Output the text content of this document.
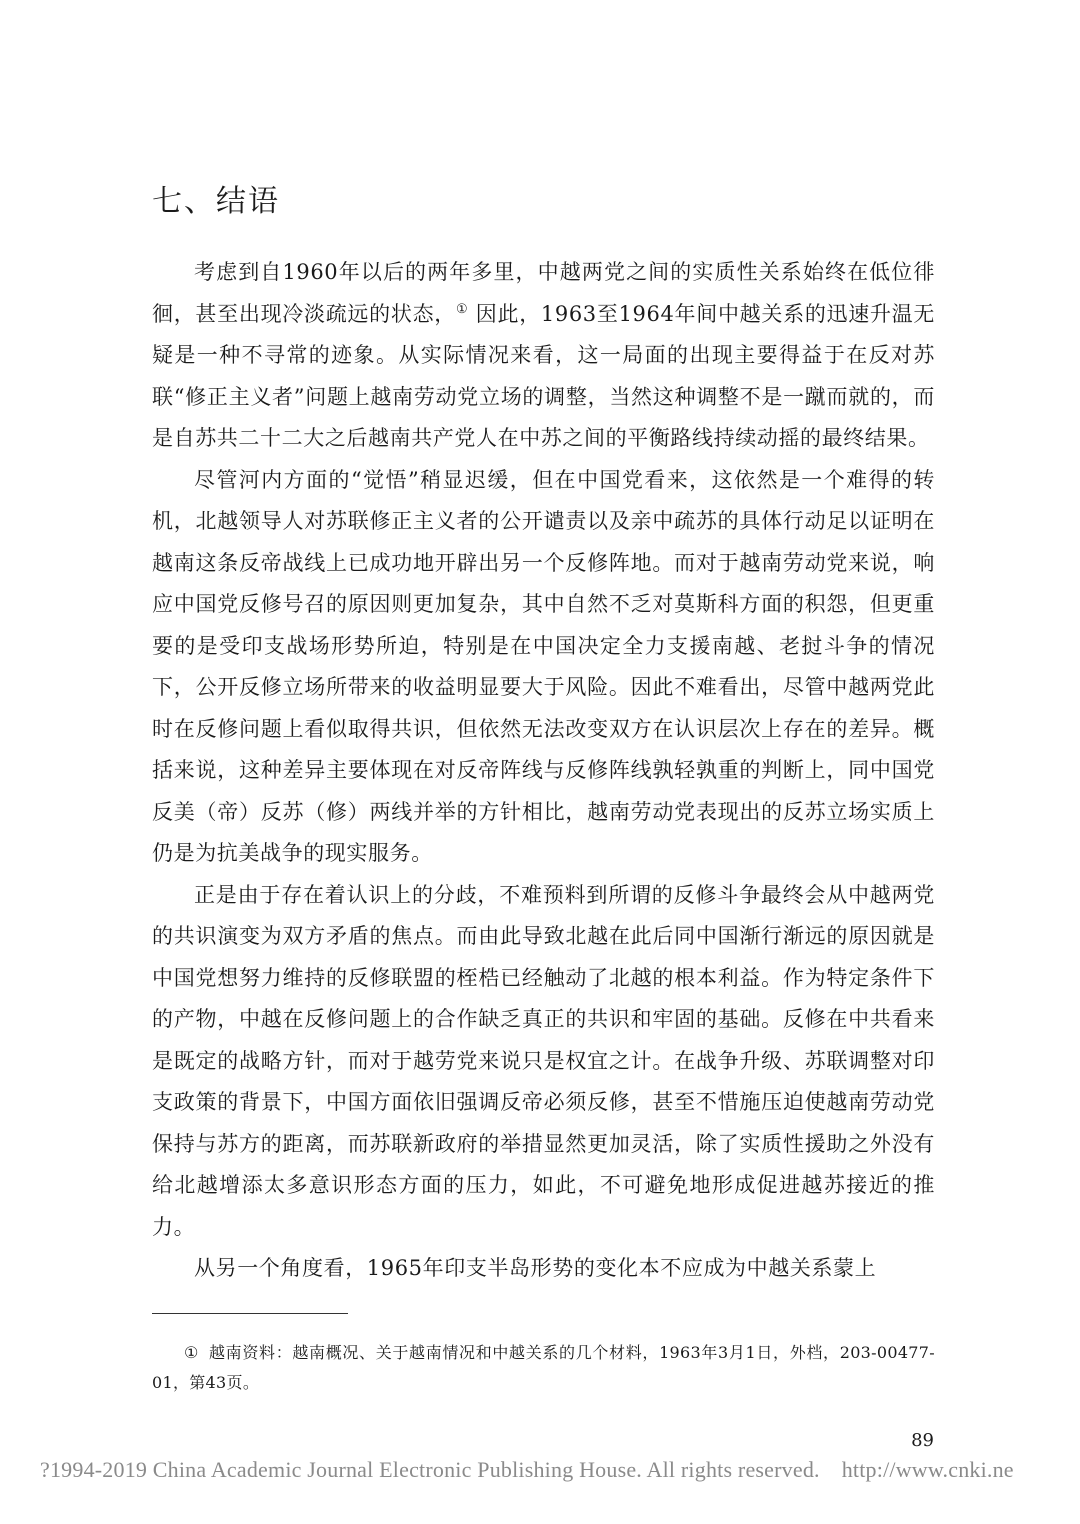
七、结语

考虑到自1960年以后的两年多里，中越两党之间的实质性关系始终在低位徘徊，甚至出现冷淡疏远的状态，① 因此，1963至1964年间中越关系的迅速升温无疑是一种不寻常的迹象。从实际情况来看，这一局面的出现主要得益于在反对苏联“修正主义者”问题上越南劳动党立场的调整，当然这种调整不是一蹴而就的，而是自苏共二十二大之后越南共产党人在中苏之间的平衡路线持续动摇的最终结果。

尽管河内方面的“觉悟”稍显迟缓，但在中国党看来，这依然是一个难得的转机，北越领导人对苏联修正主义者的公开谴责以及亲中疏苏的具体行动足以证明在越南这条反帝战线上已成功地开辟出另一个反修阵地。而对于越南劳动党来说，响应中国党反修号召的原因则更加复杂，其中自然不乏对莫斯科方面的积怨，但更重要的是受印支战场形势所迫，特别是在中国决定全力支援南越、老挝斗争的情况下，公开反修立场所带来的收益明显要大于风险。因此不难看出，尽管中越两党此时在反修问题上看似取得共识，但依然无法改变双方在认识层次上存在的差异。概括来说，这种差异主要体现在对反帝阵线与反修阵线孰轻孰重的判断上，同中国党反美（帝）反苏（修）两线并举的方针相比，越南劳动党表现出的反苏立场实质上仍是为抗美战争的现实服务。

正是由于存在着认识上的分歧，不难预料到所谓的反修斗争最终会从中越两党的共识演变为双方矛盾的焦点。而由此导致北越在此后同中国渐行渐远的原因就是中国党想努力维持的反修联盟的桎梏已经触动了北越的根本利益。作为特定条件下的产物，中越在反修问题上的合作缺乏真正的共识和牢固的基础。反修在中共看来是既定的战略方针，而对于越劳党来说只是权宜之计。在战争升级、苏联调整对印支政策的背景下，中国方面依旧强调反帝必须反修，甚至不惜施压迫使越南劳动党保持与苏方的距离，而苏联新政府的举措显然更加灵活，除了实质性援助之外没有给北越增添太多意识形态方面的压力，如此，不可避免地形成促进越苏接近的推力。

从另一个角度看，1965年印支半岛形势的变化本不应成为中越关系蒙上

① 越南资料：越南概况、关于越南情况和中越关系的几个材料，1963年3月1日，外档，203-00477-01，第43页。
89
?1994-2019 China Academic Journal Electronic Publishing House. All rights reserved. http://www.cnki.ne
